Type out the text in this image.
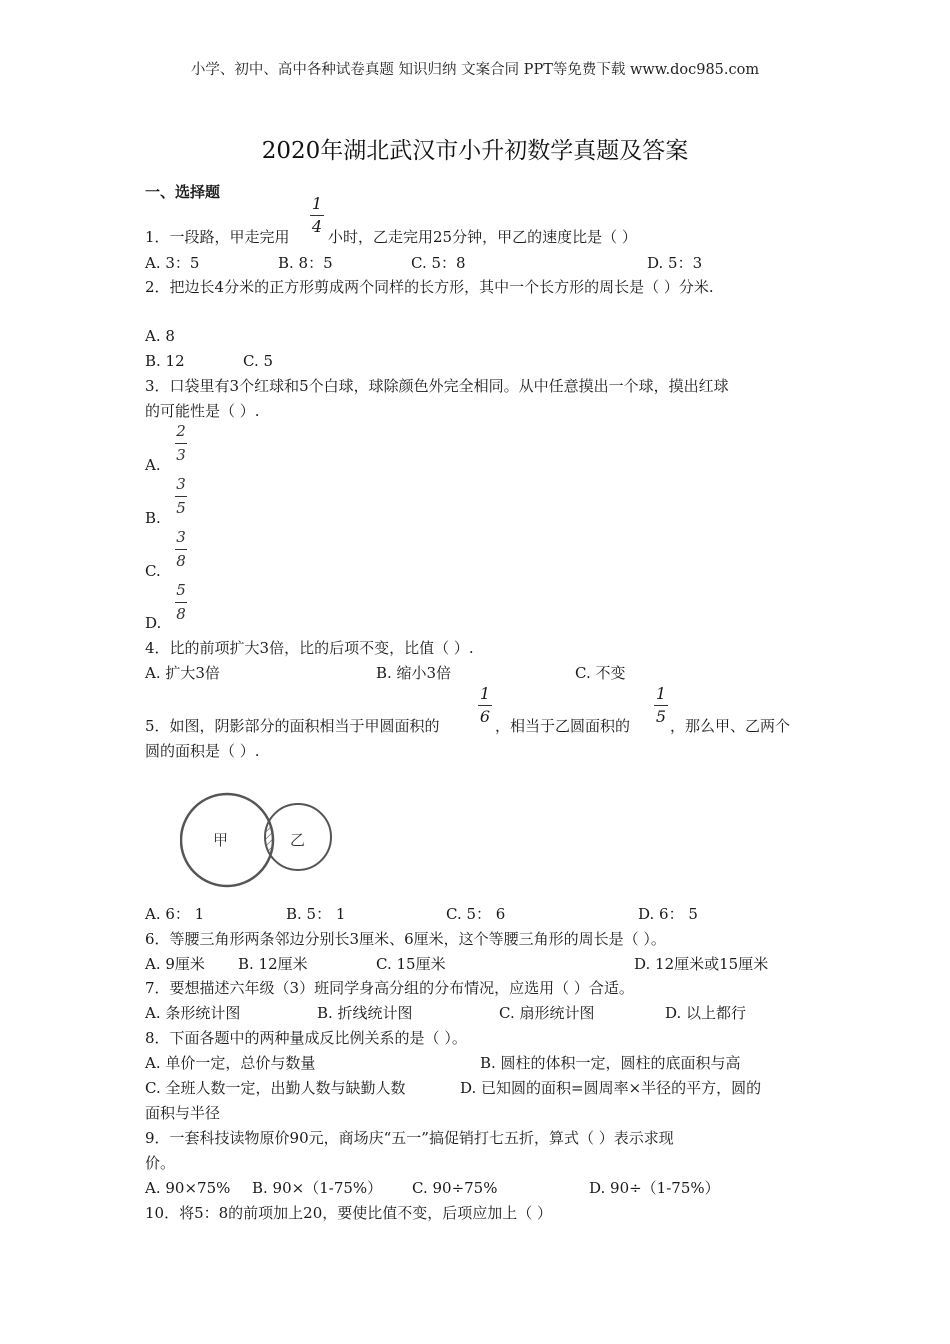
小学、初中、高中各种试卷真题 知识归纳 文案合同 PPT等免费下载 www.doc985.com
2020年湖北武汉市小升初数学真题及答案
一、选择题
1
4
1．一段路，甲走完用	小时，乙走完用25分钟，甲乙的速度比是（ ）
A. 3：5	B. 8：5	C. 5：8	D. 5：3
2．把边长4分米的正方形剪成两个同样的长方形，其中一个长方形的周长是（ ）分米.
A. 8
B. 12	C. 5
3．口袋里有3个红球和5个白球，球除颜色外完全相同。从中任意摸出一个球，摸出红球
的可能性是（ ）.
2
3
A.
3
5
B.
3
8
C.
5
8
D.
4．比的前项扩大3倍，比的后项不变，比值（ ）.
A. 扩大3倍	B. 缩小3倍	C. 不变
1
6
1
5
5．如图，阴影部分的面积相当于甲圆面积的	，相当于乙圆面积的	，那么甲、乙两个
圆的面积是（ ）.
甲	乙
A. 6： 1	B. 5： 1	C. 5： 6	D. 6： 5
6．等腰三角形两条邻边分别长3厘米、6厘米，这个等腰三角形的周长是（ ）。
A. 9厘米 B. 12厘米	C. 15厘米	D. 12厘米或15厘米
7．要想描述六年级（3）班同学身高分组的分布情况，应选用（ ）合适。
A. 条形统计图	B. 折线统计图	C. 扇形统计图	D. 以上都行
8．下面各题中的两种量成反比例关系的是（ ）。
A. 单价一定，总价与数量	B. 圆柱的体积一定，圆柱的底面积与高
C. 全班人数一定，出勤人数与缺勤人数	D. 已知圆的面积=圆周率×半径的平方，圆的
面积与半径
9．一套科技读物原价90元，商场庆“五一”搞促销打七五折，算式（ ）表示求现
价。
A. 90×75% B. 90×（1-75%） C. 90÷75%	D. 90÷（1-75%）
10．将5：8的前项加上20，要使比值不变，后项应加上（ ）
